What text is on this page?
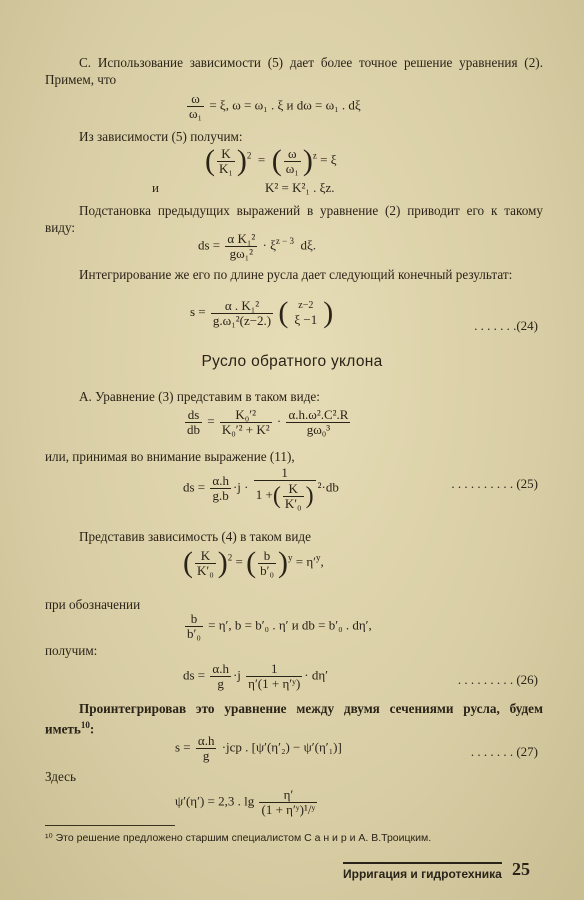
С. Использование зависимости (5) дает более точное решение уравнения (2). Примем, что
$\frac{\omega}{\text{ω₁}} = \xi$, ω = ω₁ . ξ и dω = ω₁ . dξ
Из зависимости (5) получим:
( $\frac{K}{\text{K₁}} )^2$  =  ( $\frac{\omega}{\text{ω₁}} )^z = \xi$
и	K² = K²₁ . ξz.
Подстановка предыдущих выражений в уравнение (2) приводит его к такому виду:
ds = $\frac{\text{α K₁²}}{\text{gω₁²}} \cdot \xi^{z - 3}$ dξ.
Интегрирование же его по длине русла дает следующий конечный результат:
$s = \frac{\text{α . K₁²}}{\text{g.ω₁²(z−2.)}}$ ( z−2
ξ −1 )	. . . . . . .(24)
Русло обратного уклона
А. Уравнение (3) представим в таком виде:
$\frac{ds}{db} = \frac{\text{K₀′²}}{\text{K₀′² + K²}} \cdot \frac{\text{α.h.ω².C².R}}{\text{gω₀³}}$
или, принимая во внимание выражение (11),
ds = $\frac{\alpha.h}{g.b} \cdot j \cdot \frac{1}{1 +( \frac{K}{\text{K′₀}} )} ^2\cdot db$	. . . . . . . . . . (25)
Представив зависимость (4) в таком виде
( $\frac{K}{\text{K′₀}} )^2$ = ( $\frac{b}{\text{b′₀}} )^y = \eta'^y$,
при обозначении
$\frac{b}{\text{b′₀}} = \eta'$, b = b′₀ . η′ и db = b′₀ . dη′,
получим:
ds = $\frac{\alpha.h}{g} \cdot j \frac{1}{\text{η′(1 + η′ʸ)}} \cdot d\eta'$	. . . . . . . . . (26)
Проинтегрировав это уравнение между двумя сечениями русла, будем иметь$^{10}$:
$s = \frac{\alpha.h}{g} \cdot jcp$ . [ψ′(η′₂) − ψ′(η′₁)]	. . . . . . . (27)
Здесь
ψ′(η′) = 2,3 . $\lg \frac{\eta'}{\text{(1 + η′ʸ)¹/ʸ}}$
¹⁰ Это решение предложено старшим специалистом С а н и р и А. В.Троицким.
Ирригация и гидротехника 25
